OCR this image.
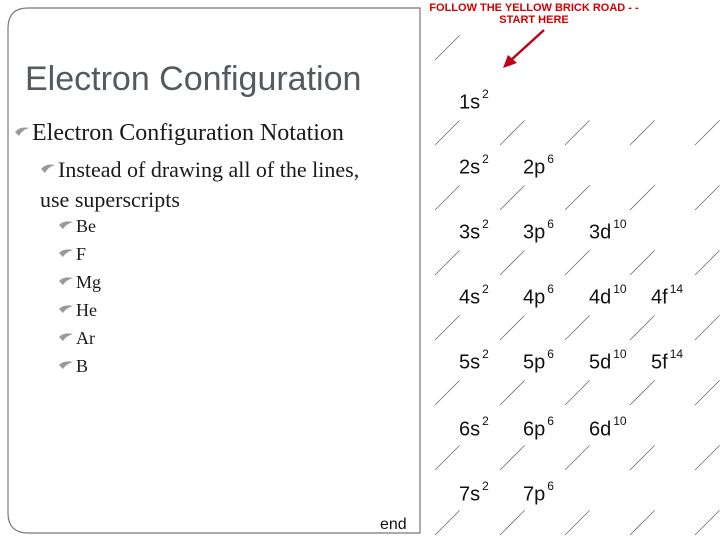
FOLLOW THE YELLOW BRICK ROAD - -
START HERE
Electron Configuration
Electron Configuration Notation
Instead of drawing all of the lines,
use superscripts
Be
F
Mg
He
Ar
B
$1s^2$
$2s^2$ $2p^6$
$3s^2$ $3p^6$ $3d^{10}$
$4s^2$ $4p^6$ $4d^{10}$ $4f^{14}$
$5s^2$ $5p^6$ $5d^{10}$ $5f^{14}$
$6s^2$ $6p^6$ $6d^{10}$
$7s^2$ $7p^6$
end
